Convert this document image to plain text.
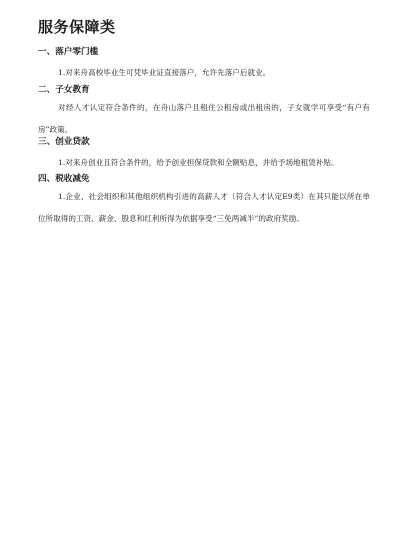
服务保障类
一、落户零门槛

1.对来舟高校毕业生可凭毕业证直接落户，允许先落户后就业。

二、子女教育

对经人才认定符合条件的，在舟山落户且租住公租房或出租房的，子女就学可享受“有户有房”政策。

三、创业贷款

1.对来舟创业且符合条件的，给予创业担保贷款和全额贴息，并给予场地租赁补贴。

四、税收减免

1.企业、社会组织和其他组织机构引进的高薪人才（符合人才认定E9类）在其只能以所在单位所取得的工资、薪金、股息和红利所得为依据享受“三免两减半”的政府奖励。
